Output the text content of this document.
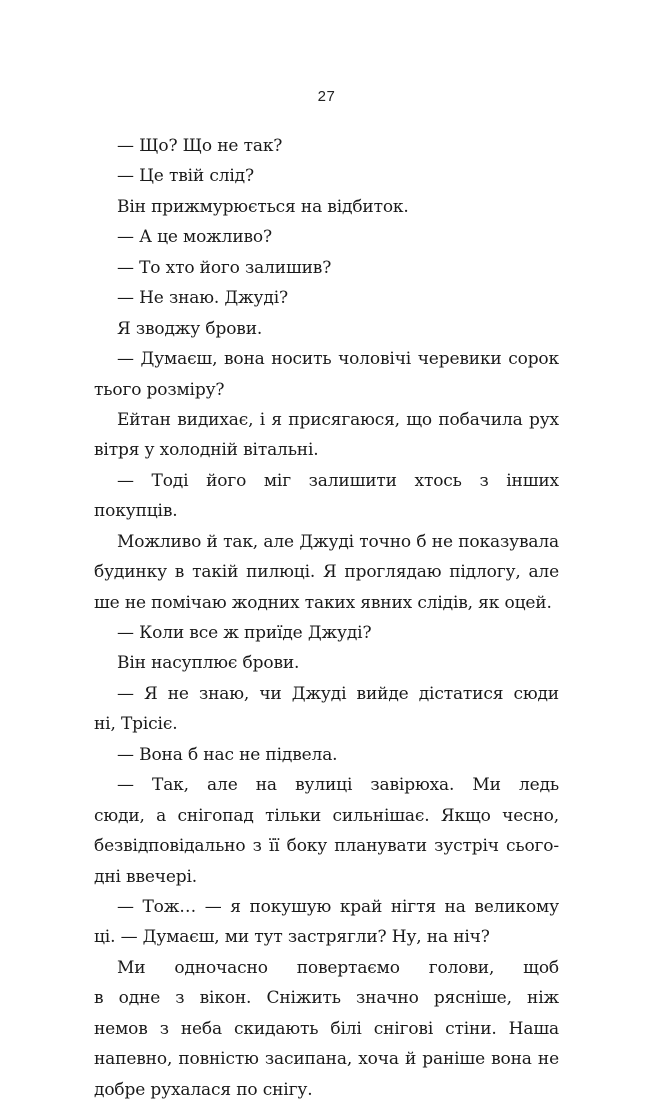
27
— Що? Що не так?
— Це твій слід?
Він прижмурюється на відбиток.
— А це можливо?
— То хто його залишив?
— Не знаю. Джуді?
Я зводжу брови.
— Думаєш, вона носить чоловічі черевики сорок
тього розміру?
Ейтан видихає, і я присягаюся, що побачила рух
вітря у холодній вітальні.
— Тоді його міг залишити хтось з інших
покупців.
Можливо й так, але Джуді точно б не показувала
будинку в такій пилюці. Я проглядаю підлогу, але
ше не помічаю жодних таких явних слідів, як оцей.
— Коли все ж приїде Джуді?
Він насуплює брови.
— Я не знаю, чи Джуді вийде дістатися сюди
ні, Трісіє.
— Вона б нас не підвела.
— Так, але на вулиці завірюха. Ми ледь
сюди, а снігопад тільки сильнішає. Якщо чесно,
безвідповідально з її боку планувати зустріч сього-
дні ввечері.
— Тож… — я покушую край нігтя на великому
ці. — Думаєш, ми тут застрягли? Ну, на ніч?
Ми одночасно повертаємо голови, щоб
в одне з вікон. Сніжить значно рясніше, ніж
немов з неба скидають білі снігові стіни. Наша
напевно, повністю засипана, хоча й раніше вона не
добре рухалася по снігу.
